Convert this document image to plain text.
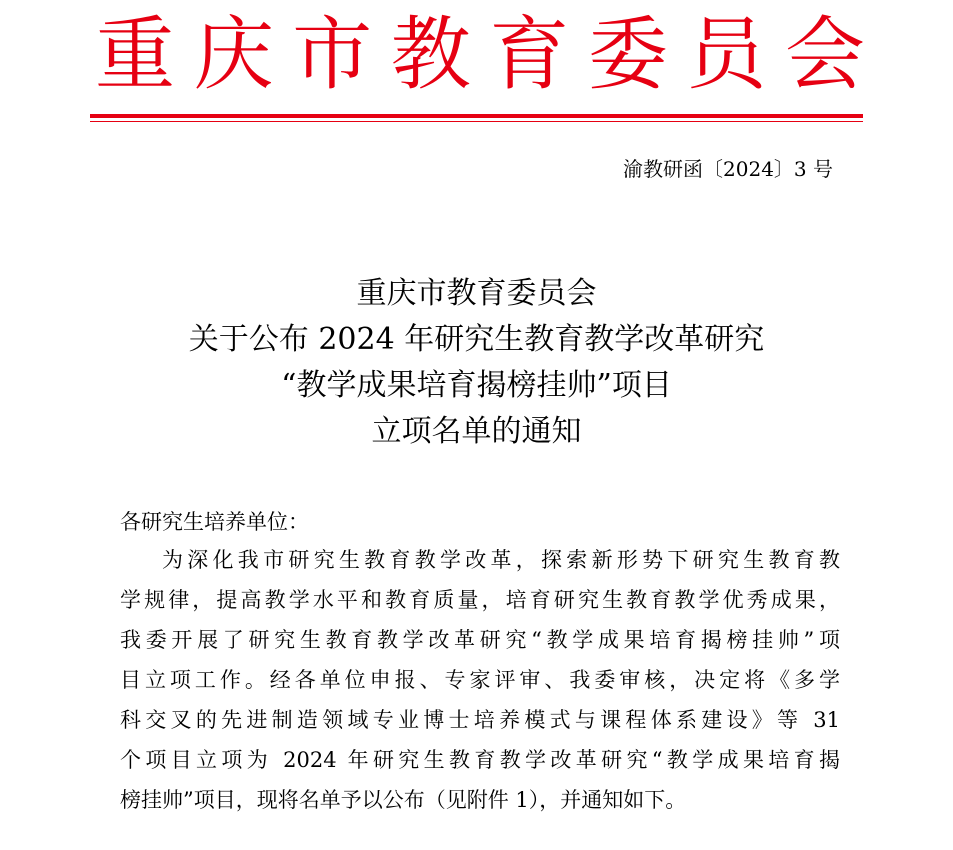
重 庆 市 教 育 委 员 会
渝教研函〔2024〕3 号
重庆市教育委员会
关于公布 2024 年研究生教育教学改革研究
“教学成果培育揭榜挂帅”项目
立项名单的通知
各研究生培养单位：
为深化我市研究生教育教学改革，探索新形势下研究生教育教
学规律，提高教学水平和教育质量，培育研究生教育教学优秀成果，
我委开展了研究生教育教学改革研究“教学成果培育揭榜挂帅”项
目立项工作。经各单位申报、专家评审、我委审核，决定将《多学
科交叉的先进制造领域专业博士培养模式与课程体系建设》等 31
个项目立项为 2024 年研究生教育教学改革研究“教学成果培育揭
榜挂帅”项目，现将名单予以公布（见附件 1），并通知如下。
